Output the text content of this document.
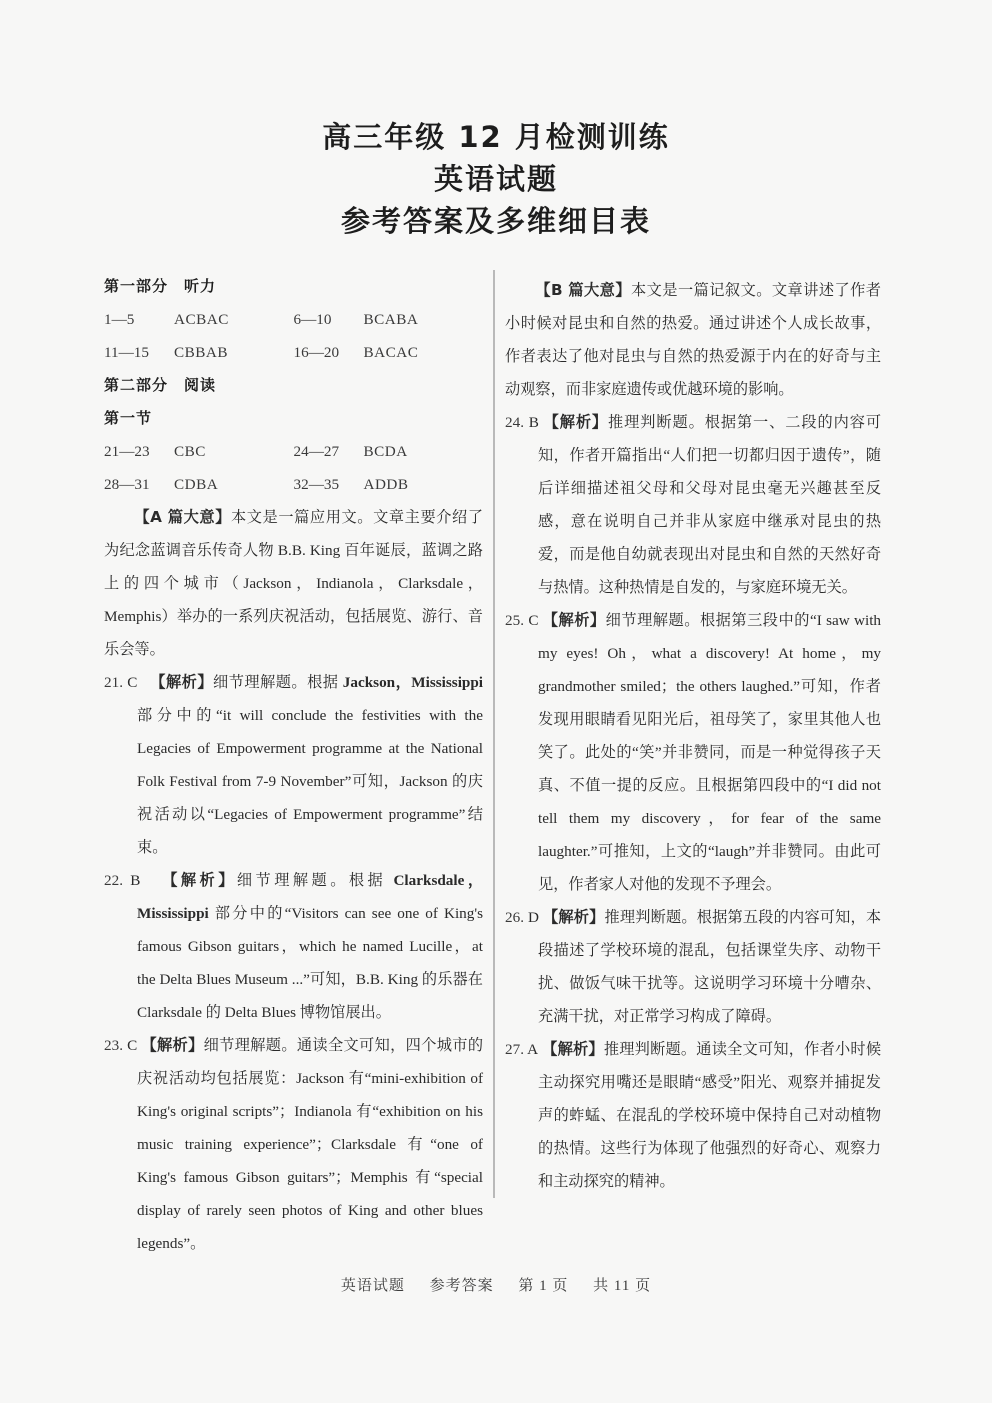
高三年级 12 月检测训练
英语试题
参考答案及多维细目表
第一部分　听力
1—5	ACBAC	6—10	BCABA
11—15	CBBAB	16—20	BACAC
第二部分　阅读
第一节
21—23	CBC	24—27	BCDA
28—31	CDBA	32—35	ADDB
【A 篇大意】本文是一篇应用文。文章主要介绍了为纪念蓝调音乐传奇人物 B.B. King 百年诞辰，蓝调之路上的四个城市（Jackson，Indianola，Clarksdale，Memphis）举办的一系列庆祝活动，包括展览、游行、音乐会等。
21. C 【解析】细节理解题。根据 Jackson，Mississippi 部分中的“it will conclude the festivities with the Legacies of Empowerment programme at the National Folk Festival from 7-9 November”可知，Jackson 的庆祝活动以“Legacies of Empowerment programme”结束。
22. B 【解析】细节理解题。根据 Clarksdale，Mississippi 部分中的“Visitors can see one of King's famous Gibson guitars，which he named Lucille，at the Delta Blues Museum ...”可知，B.B. King 的乐器在 Clarksdale 的 Delta Blues 博物馆展出。
23. C 【解析】细节理解题。通读全文可知，四个城市的庆祝活动均包括展览：Jackson 有“mini-exhibition of King's original scripts”；Indianola 有“exhibition on his music training experience”；Clarksdale 有“one of King's famous Gibson guitars”；Memphis 有“special display of rarely seen photos of King and other blues legends”。
【B 篇大意】本文是一篇记叙文。文章讲述了作者小时候对昆虫和自然的热爱。通过讲述个人成长故事，作者表达了他对昆虫与自然的热爱源于内在的好奇与主动观察，而非家庭遗传或优越环境的影响。
24. B 【解析】推理判断题。根据第一、二段的内容可知，作者开篇指出“人们把一切都归因于遗传”，随后详细描述祖父母和父母对昆虫毫无兴趣甚至反感，意在说明自己并非从家庭中继承对昆虫的热爱，而是他自幼就表现出对昆虫和自然的天然好奇与热情。这种热情是自发的，与家庭环境无关。
25. C 【解析】细节理解题。根据第三段中的“I saw with my eyes! Oh，what a discovery! At home，my grandmother smiled；the others laughed.”可知，作者发现用眼睛看见阳光后，祖母笑了，家里其他人也笑了。此处的“笑”并非赞同，而是一种觉得孩子天真、不值一提的反应。且根据第四段中的“I did not tell them my discovery，for fear of the same laughter.”可推知，上文的“laugh”并非赞同。由此可见，作者家人对他的发现不予理会。
26. D 【解析】推理判断题。根据第五段的内容可知，本段描述了学校环境的混乱，包括课堂失序、动物干扰、做饭气味干扰等。这说明学习环境十分嘈杂、充满干扰，对正常学习构成了障碍。
27. A 【解析】推理判断题。通读全文可知，作者小时候主动探究用嘴还是眼睛“感受”阳光、观察并捕捉发声的蚱蜢、在混乱的学校环境中保持自己对动植物的热情。这些行为体现了他强烈的好奇心、观察力和主动探究的精神。
英语试题 参考答案 第 1 页 共 11 页
